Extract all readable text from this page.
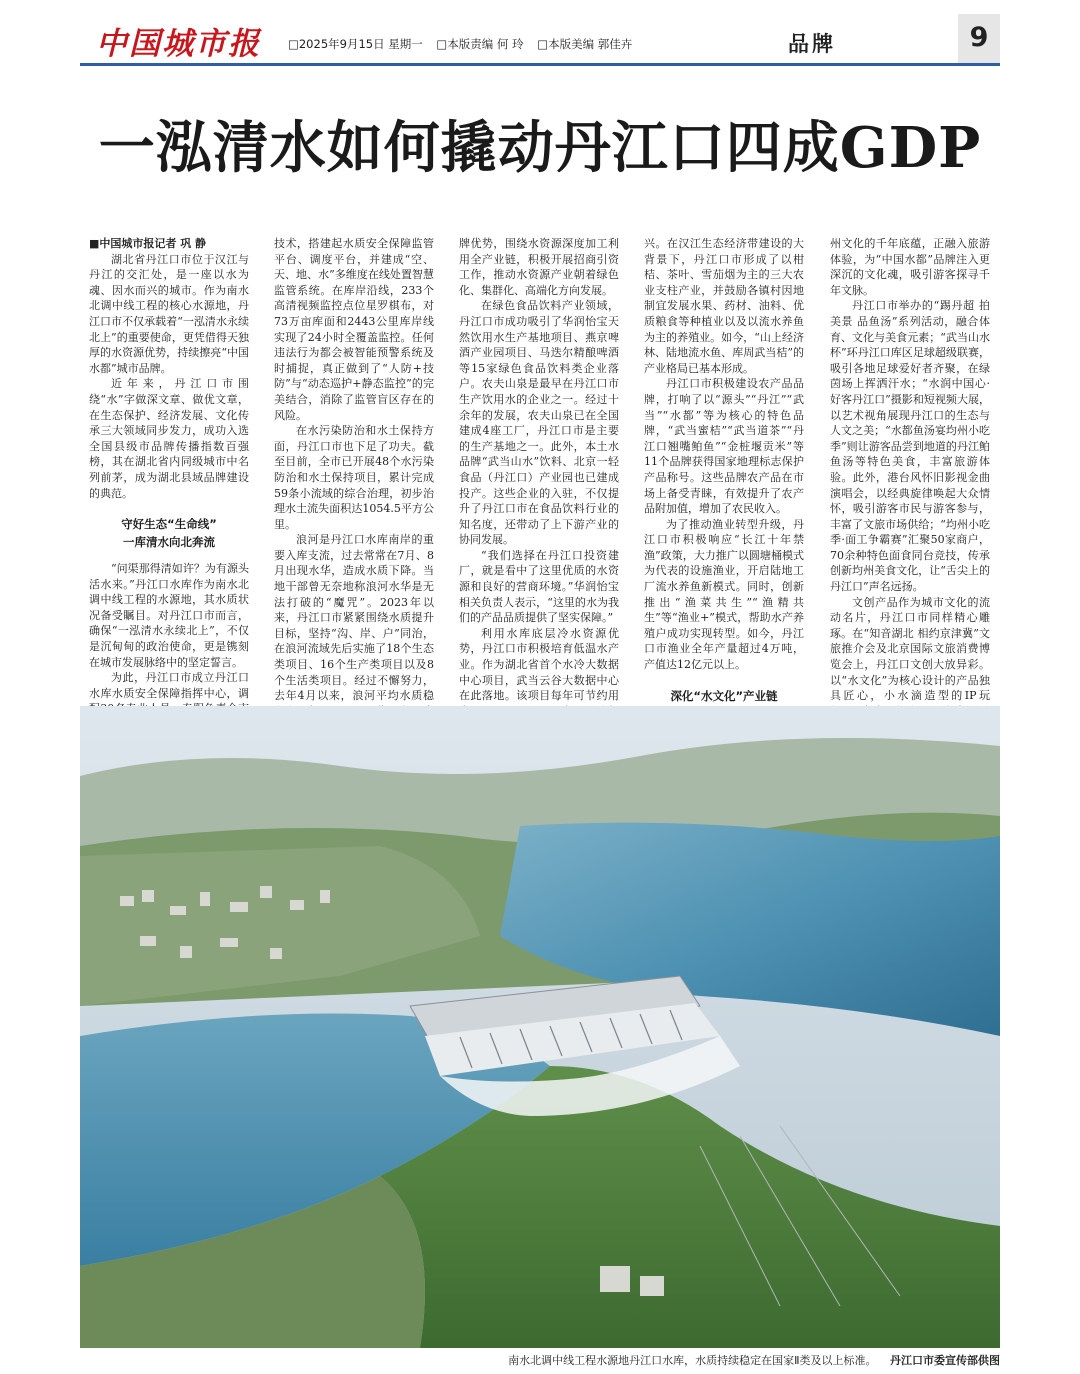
中国城市报 □2025年9月15日 星期一 □本版责编 何 玲 □本版美编 郭佳卉	品牌	9
一泓清水如何撬动丹江口四成GDP

■中国城市报记者 巩 静

湖北省丹江口市位于汉江与丹江的交汇处，是一座以水为魂、因水而兴的城市。作为南水北调中线工程的核心水源地，丹江口市不仅承载着“一泓清水永续北上”的重要使命，更凭借得天独厚的水资源优势，持续擦亮“中国水都”城市品牌。

近年来，丹江口市围绕“水”字做深文章、做优文章，在生态保护、经济发展、文化传承三大领域同步发力，成功入选全国县级市品牌传播指数百强榜，其在湖北省内同级城市中名列前茅，成为湖北县域品牌建设的典范。

守好生态“生命线”
一库清水向北奔流

“问渠那得清如许？为有源头活水来。”丹江口水库作为南水北调中线工程的水源地，其水质状况备受瞩目。对丹江口市而言，确保“一泓清水永续北上”，不仅是沉甸甸的政治使命，更是镌刻在城市发展脉络中的坚定誓言。

为此，丹江口市成立丹江口水库水质安全保障指挥中心，调

技术，搭建起水质安全保障监管平台、调度平台，并建成“空、天、地、水”多维度在线处置智慧监管系统。在库岸沿线，233个高清视频监控点位星罗棋布，对73万亩库面和2443公里库岸线实现了24小时全覆盖监控。任何违法行为都会被智能预警系统及时捕捉，真正做到了“人防+技防”与“动态巡护+静态监控”的完美结合，消除了监管盲区存在的风险。

在水污染防治和水土保持方面，丹江口市也下足了功夫。截至目前，全市已开展48个水污染防治和水土保持项目，累计完成59条小流域的综合治理，初步治理水土流失面积达1054.5平方公里。

浪河是丹江口水库南岸的重要入库支流，过去常常在7月、8月出现水华，造成水质下降。当地干部曾无奈地称浪河水华是无法打破的“魔咒”。2023年以来，丹江口市紧紧围绕水质提升目标，坚持“沟、岸、户”同治，在浪河流域先后实施了18个生态类项目、16个生产类项目以及8个生活类项目。经过不懈努力，去年4月以来，浪河平均水质稳

牌优势，围绕水资源深度加工利用全产业链，积极开展招商引资工作，推动水资源产业朝着绿色化、集群化、高端化方向发展。

在绿色食品饮料产业领域，丹江口市成功吸引了华润怡宝天然饮用水生产基地项目、燕京啤酒产业园项目、马迭尔精酿啤酒等15家绿色食品饮料类企业落户。农夫山泉是最早在丹江口市生产饮用水的企业之一。经过十余年的发展，农夫山泉已在全国建成4座工厂，丹江口市是主要的生产基地之一。此外，本土水品牌“武当山水”饮料、北京一轻食品（丹江口）产业园也已建成投产。这些企业的入驻，不仅提升了丹江口市在食品饮料行业的知名度，还带动了上下游产业的协同发展。

“我们选择在丹江口投资建厂，就是看中了这里优质的水资源和良好的营商环境。”华润怡宝相关负责人表示，“这里的水为我们的产品品质提供了坚实保障。”

利用水库底层冷水资源优势，丹江口市积极培育低温水产业。作为湖北省首个水冷大数据中心项目，武当云谷大数据中心在此落地。该项目每年可节约用

兴。在汉江生态经济带建设的大背景下，丹江口市形成了以柑桔、茶叶、雪茄烟为主的三大农业支柱产业，并鼓励各镇村因地制宜发展水果、药材、油料、优质粮食等种植业以及以流水养鱼为主的养殖业。如今，“山上经济林、陆地流水鱼、库周武当桔”的产业格局已基本形成。

丹江口市积极建设农产品品牌，打响了以“源头”“丹江”“武当”“水都”等为核心的特色品牌，“武当蜜桔”“武当道茶”“丹江口翘嘴鲌鱼”“金桩堰贡米”等11个品牌获得国家地理标志保护产品称号。这些品牌农产品在市场上备受青睐，有效提升了农产品附加值，增加了农民收入。

为了推动渔业转型升级，丹江口市积极响应“长江十年禁渔”政策，大力推广以圆塘桶模式为代表的设施渔业，开启陆地工厂流水养鱼新模式。同时，创新推出“渔菜共生”“渔精共生”等“渔业+”模式，帮助水产养殖户成功实现转型。如今，丹江口市渔业全年产量超过4万吨，产值达12亿元以上。

深化“水文化”产业链

州文化的千年底蕴，正融入旅游体验，为“中国水都”品牌注入更深沉的文化魂，吸引游客探寻千年文脉。

丹江口市举办的“踢丹超 拍美景 品鱼汤”系列活动，融合体育、文化与美食元素；“武当山水杯”环丹江口库区足球超级联赛，吸引各地足球爱好者齐聚，在绿茵场上挥洒汗水；“水润中国心·好客丹江口”摄影和短视频大展，以艺术视角展现丹江口的生态与人文之美；“水都鱼汤宴均州小吃季”则让游客品尝到地道的丹江鲌鱼汤等特色美食，丰富旅游体验。此外，港台风怀旧影视金曲演唱会，以经典旋律唤起大众情怀，吸引游客市民与游客参与，丰富了文旅市场供给；“均州小吃季·面工争霸赛”汇聚50家商户，70余种特色面食同台竞技，传承创新均州美食文化，让“舌尖上的丹江口”声名远扬。

文创产品作为城市文化的流动名片，丹江口市同样精心雕琢。在“知音湖北 相约京津冀”文旅推介会及北京国际文旅消费博览会上，丹江口文创大放异彩。以“水文化”为核心设计的产品独具匠心，小水滴造型的IP玩

南水北调中线工程水源地丹江口水库，水质持续稳定在国家Ⅱ类及以上标准。 丹江口市委宣传部供图
